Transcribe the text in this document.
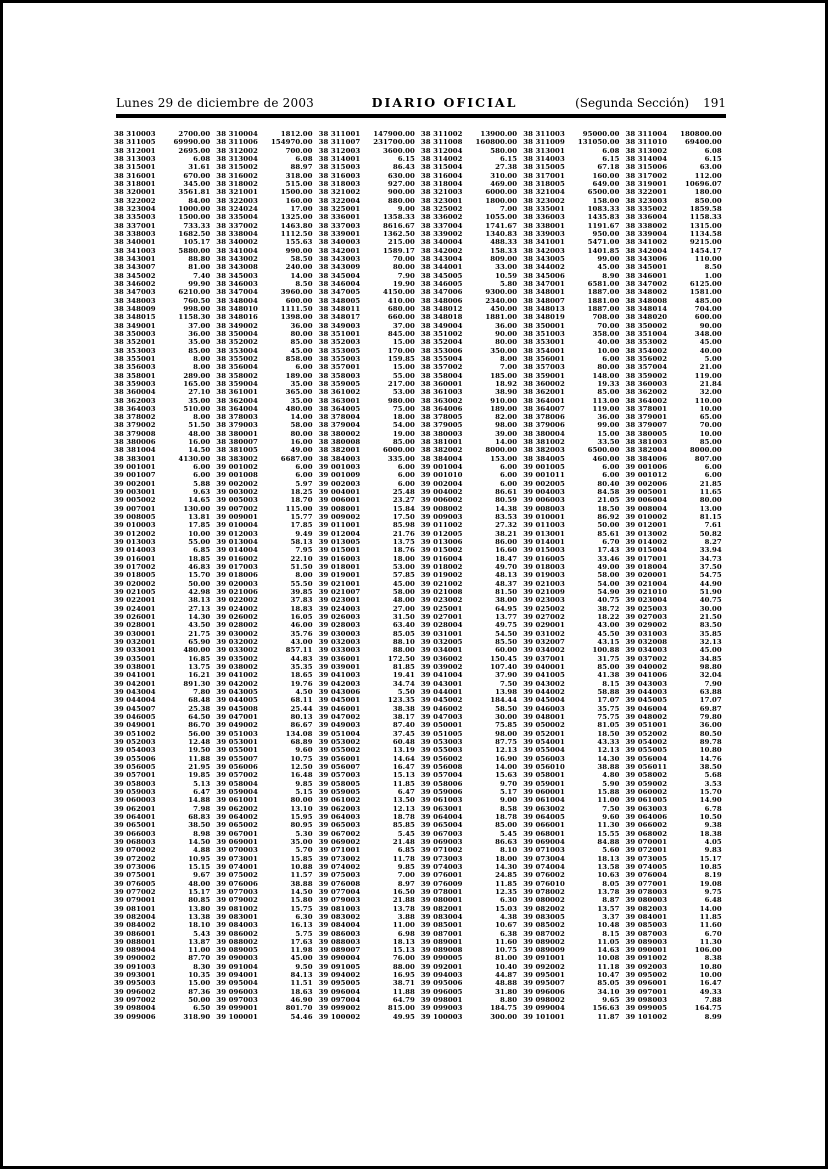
Lunes 29 de diciembre de 2003	DIARIO OFICIAL	(Segunda Sección) 191
38 310003	2700.00 38 310004	1812.00 38 311001 147900.00 38 311002	13900.00 38 311003	95000.00 38 311004 180800.00
38 311005	69990.00 38 311006 154970.00 38 311007 231700.00 38 311008 160800.00 38 311009 131050.00 38 311010	69400.00
38 312001	2695.00 38 312002	700.00 38 312003	3600.00 38 312004	580.00 38 313001	6.08 38 313002	6.08
38 313003	6.08 38 313004	6.08 38 314001	6.15 38 314002	6.15 38 314003	6.15 38 314004	6.15
38 315001	31.61 38 315002	88.97 38 315003	86.43 38 315004	27.38 38 315005	67.18 38 315006	63.00
38 316001	670.00 38 316002	318.00 38 316003	630.00 38 316004	310.00 38 317001	160.00 38 317002	112.00
38 318001	345.00 38 318002	515.00 38 318003	927.00 38 318004	469.00 38 318005	649.00 38 319001	10696.07
38 320001	3561.81 38 321001	1500.00 38 321002	900.00 38 321003	6000.00 38 321004	6500.00 38 322001	180.00
38 322002	84.00 38 322003	160.00 38 322004	880.00 38 323001	1800.00 38 323002	158.00 38 323003	850.00
38 323004	1000.00 38 324024	17.00 38 325001	9.00 38 325002	7.00 38 335001	1083.33 38 335002	1859.58
38 335003	1500.00 38 335004	1325.00 38 336001	1358.33 38 336002	1055.00 38 336003	1435.83 38 336004	1158.33
38 337001	733.33 38 337002	1463.80 38 337003	8616.67 38 337004	1741.67 38 338001	1191.67 38 338002	1315.00
38 338003	1682.50 38 338004	1112.50 38 339001	1362.50 38 339002	1340.83 38 339003	950.00 38 339004	1134.58
38 340001	105.17 38 340002	155.63 38 340003	215.00 38 340004	488.33 38 341001	5471.00 38 341002	9215.00
38 341003	5880.00 38 341004	990.00 38 342001	1589.17 38 342002	158.33 38 342003	1401.85 38 342004	1454.17
38 343001	88.80 38 343002	58.50 38 343003	70.00 38 343004	809.00 38 343005	99.00 38 343006	110.00
38 343007	81.00 38 343008	240.00 38 343009	80.00 38 344001	33.00 38 344002	45.00 38 345001	8.50
38 345002	7.40 38 345003	14.00 38 345004	7.90 38 345005	10.59 38 345006	8.90 38 346001	1.00
38 346002	99.90 38 346003	8.50 38 346004	19.90 38 346005	5.80 38 347001	6581.00 38 347002	6125.00
38 347003	6210.00 38 347004	3960.00 38 347005	4150.00 38 347006	9300.00 38 348001	1887.00 38 348002	1581.00
38 348003	760.50 38 348004	600.00 38 348005	410.00 38 348006	2340.00 38 348007	1881.00 38 348008	485.00
38 348009	998.00 38 348010	1111.50 38 348011	680.00 38 348012	450.00 38 348013	1887.00 38 348014	704.00
38 348015	1158.30 38 348016	1398.00 38 348017	660.00 38 348018	1881.00 38 348019	708.00 38 348020	600.00
38 349001	37.00 38 349002	36.00 38 349003	37.00 38 349004	36.00 38 350001	70.00 38 350002	90.00
38 350003	36.00 38 350004	80.00 38 351001	845.00 38 351002	90.00 38 351003	358.00 38 351004	348.00
38 352001	35.00 38 352002	85.00 38 352003	15.00 38 352004	80.00 38 353001	40.00 38 353002	45.00
38 353003	85.00 38 353004	45.00 38 353005	170.00 38 353006	350.00 38 354001	10.00 38 354002	40.00
38 355001	8.00 38 355002	858.00 38 355003	159.85 38 355004	8.00 38 356001	6.00 38 356002	5.00
38 356003	8.00 38 356004	6.00 38 357001	15.00 38 357002	7.00 38 357003	80.00 38 357004	21.00
38 358001	289.00 38 358002	189.00 38 358003	55.00 38 358004	185.00 38 359001	148.00 38 359002	119.00
38 359003	165.00 38 359004	35.00 38 359005	217.00 38 360001	18.92 38 360002	19.33 38 360003	21.84
38 360004	27.10 38 361001	365.00 38 361002	53.00 38 361003	38.90 38 362001	85.00 38 362002	32.00
38 362003	35.00 38 362004	35.00 38 363001	980.00 38 363002	910.00 38 364001	113.00 38 364002	110.00
38 364003	510.00 38 364004	480.00 38 364005	75.00 38 364006	189.00 38 364007	119.00 38 378001	10.00
38 378002	8.00 38 378003	14.00 38 378004	18.00 38 378005	82.00 38 378006	36.00 38 379001	65.00
38 379002	51.50 38 379003	58.00 38 379004	54.00 38 379005	98.00 38 379006	99.00 38 379007	70.00
38 379008	48.00 38 380001	80.00 38 380002	19.00 38 380003	39.00 38 380004	15.00 38 380005	10.00
38 380006	16.00 38 380007	16.00 38 380008	85.00 38 381001	14.00 38 381002	33.50 38 381003	85.00
38 381004	14.50 38 381005	49.00 38 382001	6000.00 38 382002	8000.00 38 382003	6500.00 38 382004	8000.00
38 383001	4130.00 38 383002	6687.00 38 384003	335.00 38 384004	153.00 38 384005	460.00 38 384006	807.00
39 001001	6.00 39 001002	6.00 39 001003	6.00 39 001004	6.00 39 001005	6.00 39 001006	6.00
39 001007	6.00 39 001008	6.00 39 001009	6.00 39 001010	6.00 39 001011	6.00 39 001012	6.00
39 002001	5.88 39 002002	5.97 39 002003	6.00 39 002004	6.00 39 002005	80.40 39 002006	21.85
39 003001	9.63 39 003002	18.25 39 004001	25.48 39 004002	86.61 39 004003	84.58 39 005001	11.65
39 005002	14.65 39 005003	18.70 39 006001	23.27 39 006002	80.59 39 006003	21.05 39 006004	80.00
39 007001	130.00 39 007002	115.00 39 008001	15.84 39 008002	14.38 39 008003	18.50 39 008004	13.00
39 008005	13.81 39 009001	15.77 39 009002	17.50 39 009003	83.53 39 010001	86.92 39 010002	81.15
39 010003	17.85 39 010004	17.85 39 011001	85.98 39 011002	27.32 39 011003	50.00 39 012001	7.61
39 012002	10.00 39 012003	9.49 39 012004	21.76 39 012005	38.21 39 013001	85.61 39 013002	50.82
39 013003	55.00 39 013004	58.13 39 013005	13.75 39 013006	86.00 39 014001	6.70 39 014002	8.27
39 014003	6.85 39 014004	7.95 39 015001	18.76 39 015002	16.60 39 015003	17.43 39 015004	33.94
39 016001	18.85 39 016002	22.10 39 016003	18.00 39 016004	18.47 39 016005	33.46 39 017001	34.73
39 017002	46.83 39 017003	51.50 39 018001	53.00 39 018002	49.70 39 018003	49.00 39 018004	37.50
39 018005	15.70 39 018006	8.00 39 019001	57.85 39 019002	48.13 39 019003	58.00 39 020001	54.75
39 020002	50.00 39 020003	55.50 39 021001	45.00 39 021002	48.37 39 021003	54.00 39 021004	44.90
39 021005	42.98 39 021006	39.85 39 021007	58.00 39 021008	81.50 39 021009	54.90 39 021010	51.90
39 022001	38.13 39 022002	37.83 39 023001	48.00 39 023002	38.00 39 023003	40.75 39 023004	40.75
39 024001	27.13 39 024002	18.83 39 024003	27.00 39 025001	64.95 39 025002	38.72 39 025003	30.00
39 026001	14.30 39 026002	16.05 39 026003	31.50 39 027001	13.77 39 027002	18.22 39 027003	21.50
39 028001	43.50 39 028002	46.00 39 028003	63.40 39 028004	49.75 39 029001	43.00 39 029002	83.50
39 030001	21.75 39 030002	35.76 39 030003	85.05 39 031001	54.50 39 031002	45.50 39 031003	35.85
39 032001	65.90 39 032002	43.00 39 032003	88.10 39 032005	85.50 39 032007	43.15 39 032008	32.13
39 033001	480.00 39 033002	857.11 39 033003	88.00 39 034001	60.00 39 034002	100.88 39 034003	45.00
39 035001	16.85 39 035002	44.83 39 036001	172.50 39 036002	150.45 39 037001	31.75 39 037002	34.85
39 038001	13.75 39 038002	35.35 39 039001	81.85 39 039002	107.40 39 040001	85.00 39 040002	98.80
39 041001	16.21 39 041002	18.65 39 041003	19.41 39 041004	37.90 39 041005	41.38 39 041006	32.04
39 042001	891.30 39 042002	19.76 39 042003	34.74 39 043001	7.50 39 043002	8.15 39 043003	7.90
39 043004	7.80 39 043005	4.50 39 043006	5.50 39 044001	13.98 39 044002	58.88 39 044003	63.88
39 044004	68.48 39 044005	68.11 39 045001	123.35 39 045002	184.44 39 045004	17.07 39 045005	17.07
39 045007	25.38 39 045008	25.44 39 046001	38.38 39 046002	58.50 39 046003	35.75 39 046004	69.87
39 046005	64.50 39 047001	80.13 39 047002	38.17 39 047003	30.00 39 048001	75.75 39 048002	79.80
39 049001	86.70 39 049002	86.67 39 049003	87.40 39 050001	75.85 39 050002	81.05 39 051001	36.00
39 051002	56.00 39 051003	134.08 39 051004	37.45 39 051005	98.00 39 052001	18.50 39 052002	80.50
39 052003	12.48 39 053001	68.89 39 053002	60.48 39 053003	87.75 39 054001	43.33 39 054002	89.78
39 054003	19.50 39 055001	9.60 39 055002	13.19 39 055003	12.13 39 055004	12.13 39 055005	10.80
39 055006	11.88 39 055007	10.75 39 056001	14.64 39 056002	16.90 39 056003	14.30 39 056004	14.76
39 056005	21.95 39 056006	12.50 39 056007	16.47 39 056008	14.00 39 056010	38.88 39 056011	38.50
39 057001	19.85 39 057002	16.48 39 057003	15.13 39 057004	15.63 39 058001	4.80 39 058002	5.68
39 058003	5.13 39 058004	9.85 39 058005	11.85 39 058006	9.70 39 059001	5.90 39 059002	3.53
39 059003	6.47 39 059004	5.15 39 059005	6.47 39 059006	5.17 39 060001	15.88 39 060002	15.70
39 060003	14.88 39 061001	80.00 39 061002	13.50 39 061003	9.00 39 061004	11.00 39 061005	14.90
39 062001	7.98 39 062002	13.10 39 062003	12.13 39 063001	8.58 39 063002	7.50 39 063003	6.78
39 064001	68.83 39 064002	15.95 39 064003	18.78 39 064004	18.78 39 064005	9.60 39 064006	10.50
39 065001	38.50 39 065002	80.95 39 065003	85.85 39 065004	85.00 39 066001	11.30 39 066002	9.38
39 066003	8.98 39 067001	5.30 39 067002	5.45 39 067003	5.45 39 068001	15.55 39 068002	18.38
39 068003	14.50 39 069001	35.00 39 069002	21.48 39 069003	86.63 39 069004	84.88 39 070001	4.05
39 070002	4.88 39 070003	5.70 39 071001	6.85 39 071002	8.10 39 071003	5.60 39 072001	9.83
39 072002	10.95 39 073001	15.85 39 073002	11.78 39 073003	18.00 39 073004	18.13 39 073005	15.17
39 073006	15.15 39 074001	10.88 39 074002	9.85 39 074003	14.30 39 074004	13.58 39 074005	10.85
39 075001	9.67 39 075002	11.57 39 075003	7.00 39 076001	24.85 39 076002	10.63 39 076004	8.19
39 076005	48.00 39 076006	38.88 39 076008	8.97 39 076009	11.85 39 076010	8.05 39 077001	19.08
39 077002	15.17 39 077003	14.50 39 077004	16.50 39 078001	12.35 39 078002	13.78 39 078003	9.75
39 079001	80.85 39 079002	15.80 39 079003	21.88 39 080001	6.30 39 080002	8.87 39 080003	6.48
39 081001	13.80 39 081002	15.75 39 081003	13.78 39 082001	15.03 39 082002	13.57 39 082003	14.00
39 082004	13.38 39 083001	6.30 39 083002	3.88 39 083004	4.38 39 083005	3.37 39 084001	11.85
39 084002	18.10 39 084003	16.13 39 084004	11.00 39 085001	10.67 39 085002	10.48 39 085003	11.60
39 086001	5.43 39 086002	5.75 39 086003	6.98 39 087001	6.38 39 087002	8.15 39 087003	6.70
39 088001	13.87 39 088002	17.63 39 088003	18.13 39 089001	11.60 39 089002	11.05 39 089003	11.30
39 089004	11.00 39 089005	11.98 39 089007	15.13 39 089008	10.75 39 089009	14.63 39 090001	106.00
39 090002	87.70 39 090003	45.00 39 090004	76.00 39 090005	81.00 39 091001	10.08 39 091002	8.38
39 091003	8.30 39 091004	9.50 39 091005	88.00 39 092001	10.40 39 092002	11.18 39 092003	10.80
39 093001	10.35 39 094001	84.13 39 094002	16.95 39 094003	44.87 39 095001	10.47 39 095002	10.00
39 095003	15.00 39 095004	11.51 39 095005	38.71 39 095006	48.88 39 095007	85.05 39 096001	16.47
39 096002	87.36 39 096003	18.63 39 096004	11.88 39 096005	31.80 39 096006	34.10 39 097001	49.33
39 097002	50.00 39 097003	46.90 39 097004	64.79 39 098001	8.80 39 098002	9.65 39 098003	7.88
39 098004	6.50 39 099001	801.70 39 099002	815.00 39 099003	184.75 39 099004	156.63 39 099005	164.75
39 099006	318.90 39 100001	54.46 39 100002	49.95 39 100003	300.00 39 101001	11.87 39 101002	8.99
